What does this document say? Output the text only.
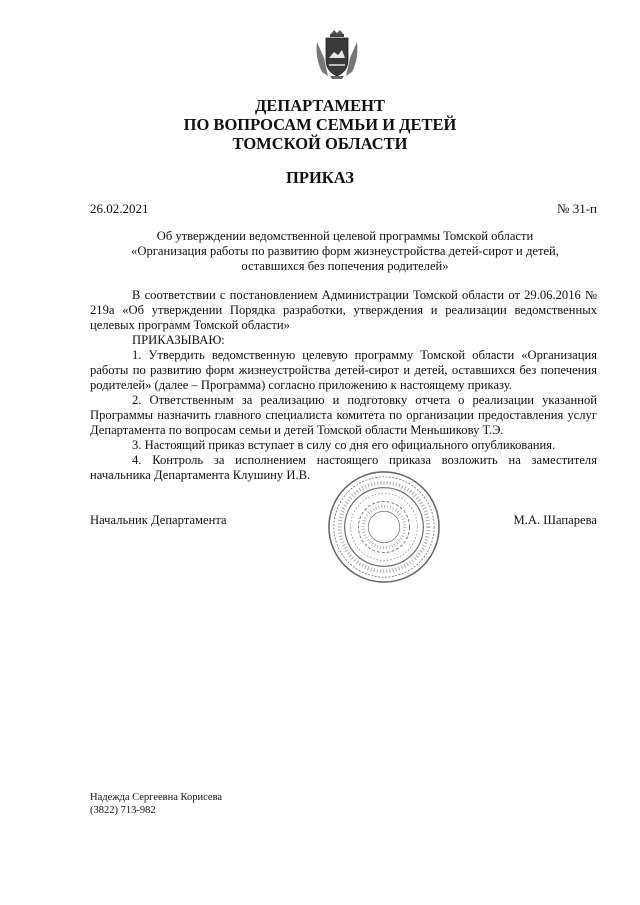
ДЕПАРТАМЕНТ
ПО ВОПРОСАМ СЕМЬИ И ДЕТЕЙ
ТОМСКОЙ ОБЛАСТИ
ПРИКАЗ
26.02.2021	№ 31-п
Об утверждении ведомственной целевой программы Томской области
«Организация работы по развитию форм жизнеустройства детей-сирот и детей,
оставшихся без попечения родителей»

В соответствии с постановлением Администрации Томской области от 29.06.2016 № 219а «Об утверждении Порядка разработки, утверждения и реализации ведомственных целевых программ Томской области»

ПРИКАЗЫВАЮ:

1. Утвердить ведомственную целевую программу Томской области «Организация работы по развитию форм жизнеустройства детей-сирот и детей, оставшихся без попечения родителей» (далее – Программа) согласно приложению к настоящему приказу.

2. Ответственным за реализацию и подготовку отчета о реализации указанной Программы назначить главного специалиста комитета по организации предоставления услуг Департамента по вопросам семьи и детей Томской области Меньшикову Т.Э.

3. Настоящий приказ вступает в силу со дня его официального опубликования.

4. Контроль за исполнением настоящего приказа возложить на заместителя начальника Департамента Клушину И.В.

Начальник Департамента	М.А. Шапарева
Надежда Сергеевна Корисева
(3822) 713-982
